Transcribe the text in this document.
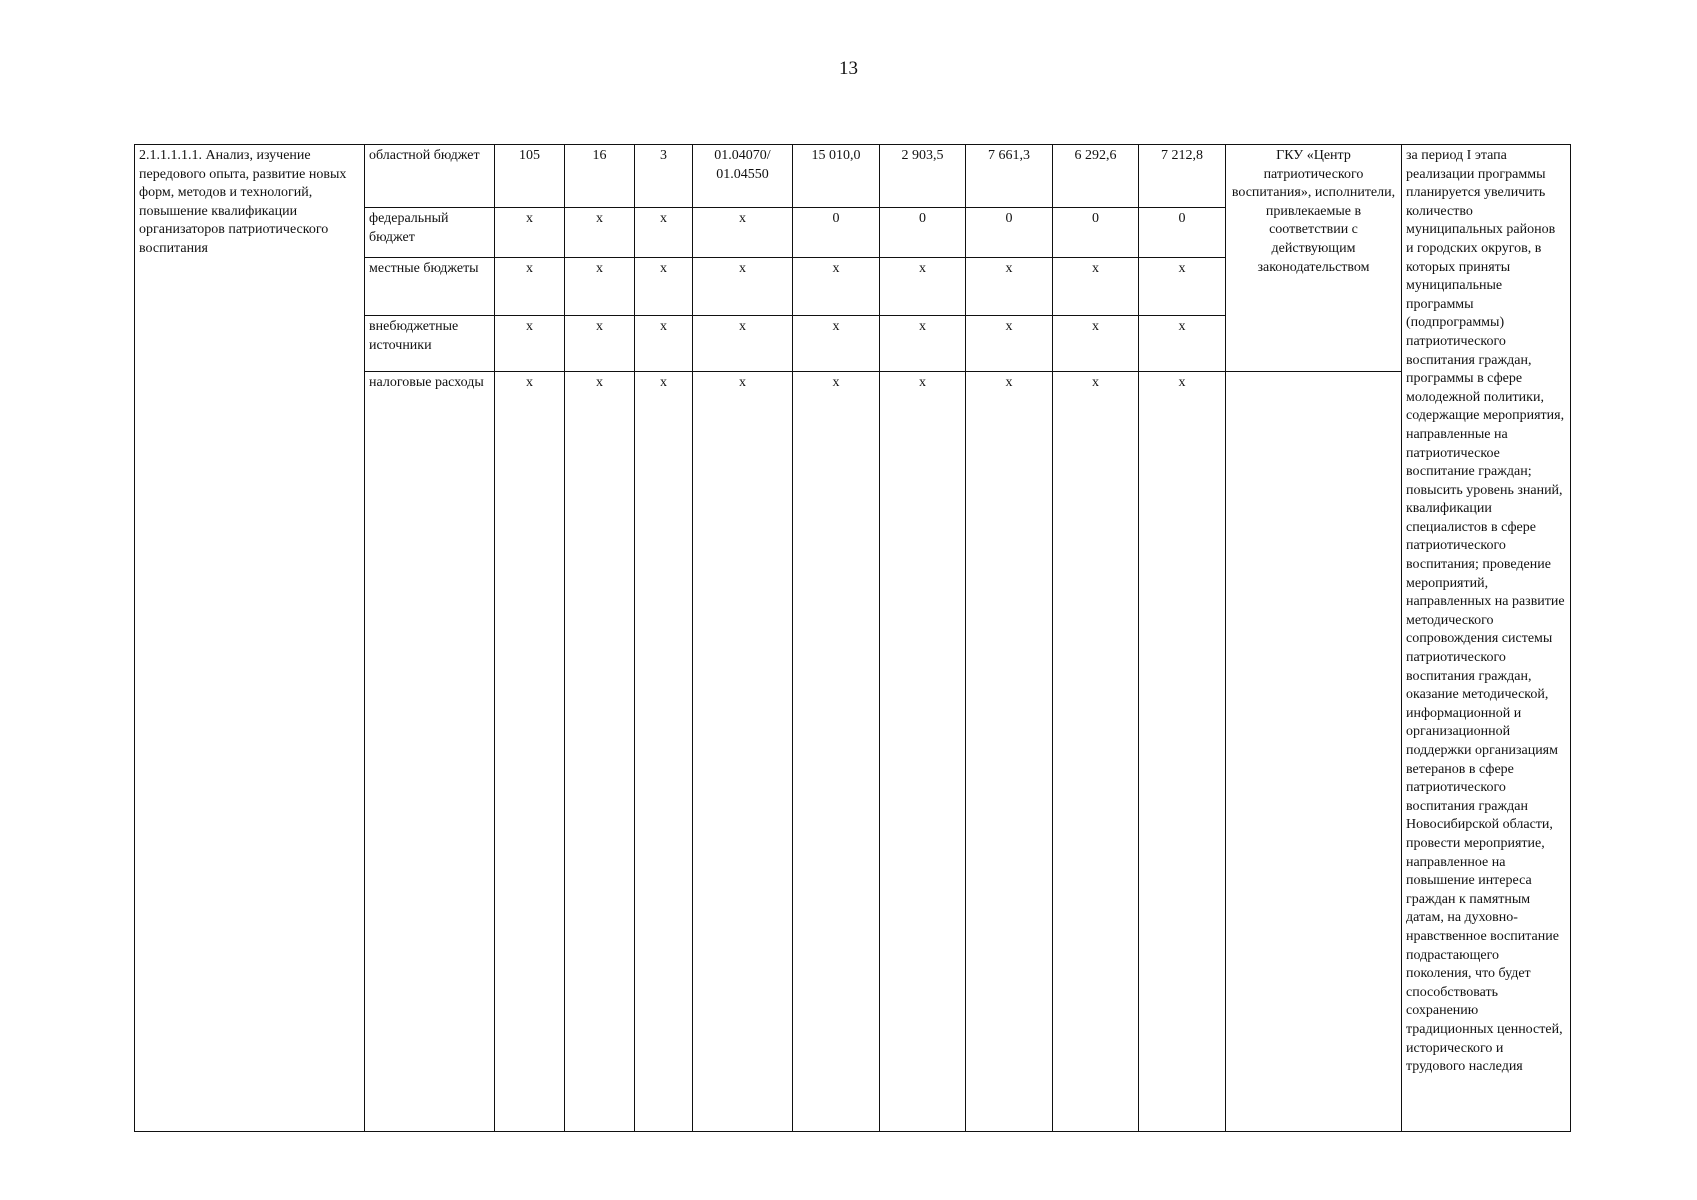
13
2.1.1.1.1.1. Анализ, изучение передового опыта, развитие новых форм, методов и технологий, повышение квалификации организаторов патриотического воспитания	областной бюджет	105	16	3	01.04070/ 01.04550	15 010,0	2 903,5	7 661,3	6 292,6	7 212,8	ГКУ «Центр патриотического воспитания», исполнители, привлекаемые в соответствии с действующим законодательством	за период I этапа реализации программы планируется увеличить количество муниципальных районов и городских округов, в которых приняты муниципальные программы (подпрограммы) патриотического воспитания граждан, программы в сфере молодежной политики, содержащие мероприятия, направленные на патриотическое воспитание граждан; повысить уровень знаний, квалификации специалистов в сфере патриотического воспитания; проведение мероприятий, направленных на развитие методического сопровождения системы патриотического воспитания граждан, оказание методической, информационной и организационной поддержки организациям ветеранов в сфере патриотического воспитания граждан Новосибирской области, провести мероприятие, направленное на повышение интереса граждан к памятным датам, на духовно-нравственное воспитание подрастающего поколения, что будет способствовать сохранению традиционных ценностей, исторического и трудового наследия
	федеральный бюджет	x	x	x	x	0	0	0	0	0		
	местные бюджеты	x	x	x	x	x	x	x	x	x		
	внебюджетные источники	x	x	x	x	x	x	x	x	x		
	налоговые расходы	x	x	x	x	x	x	x	x	x		
